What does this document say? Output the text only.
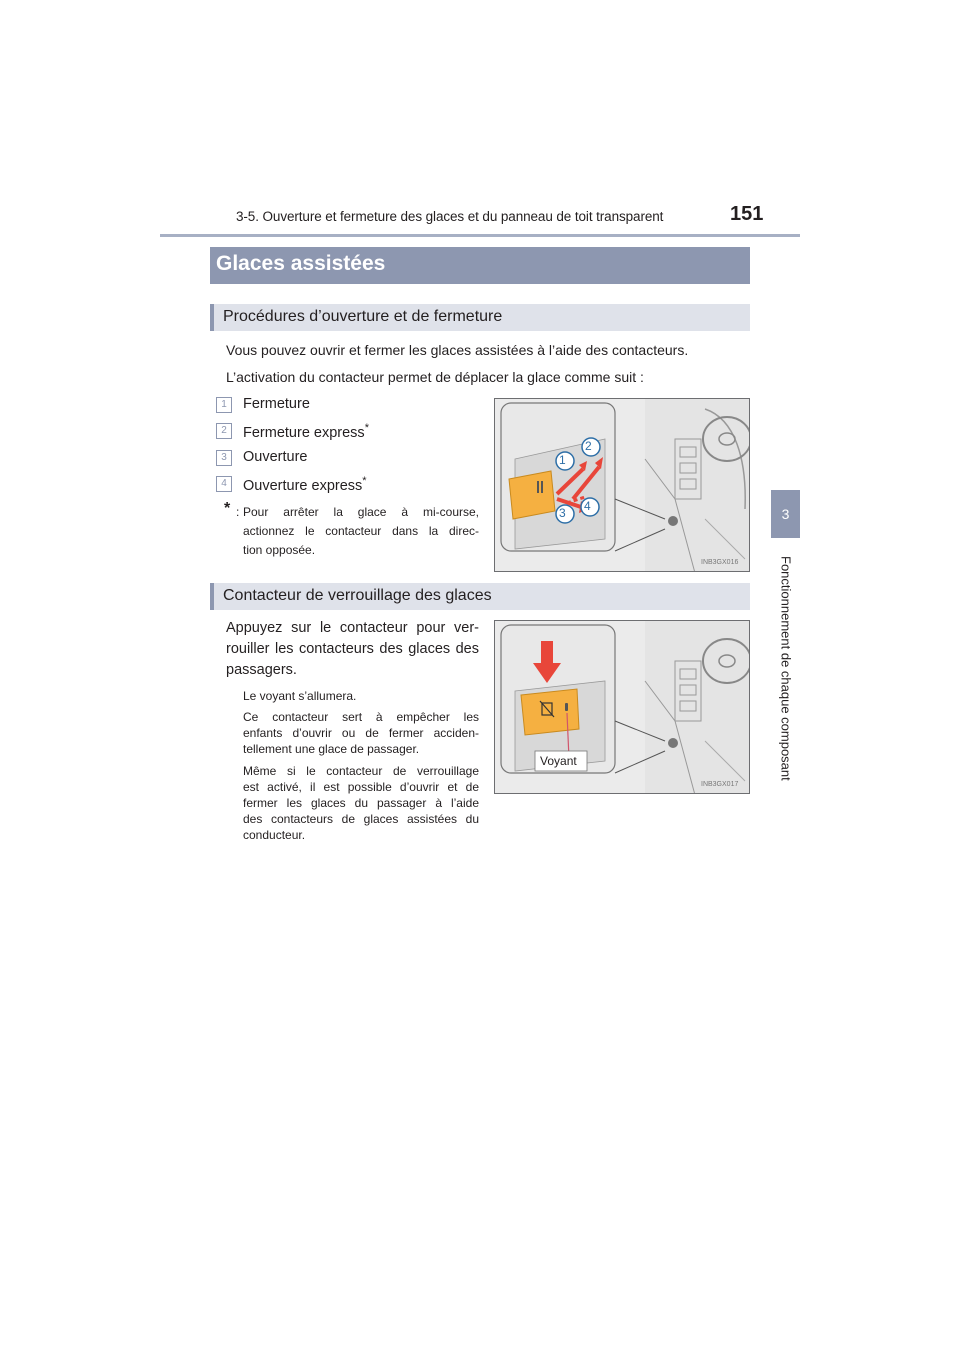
3-5. Ouverture et fermeture des glaces et du panneau de toit transparent	151
3
Fonctionnement de chaque composant
Glaces assistées
Procédures d’ouverture et de fermeture
Vous pouvez ouvrir et fermer les glaces assistées à l’aide des contacteurs.
L’activation du contacteur permet de déplacer la glace comme suit :
1	Fermeture
2	Fermeture express*
3	Ouverture
4	Ouverture express*
* : Pour arrêter la glace à mi-course,
actionnez le contacteur dans la direc-
tion opposée.
1
2
3 4
INB3GX016
Contacteur de verrouillage des glaces
Appuyez sur le contacteur pour ver-
rouiller les contacteurs des glaces des
passagers.
Le voyant s’allumera.
Ce contacteur sert à empêcher les
enfants d’ouvrir ou de fermer acciden-
tellement une glace de passager.
Même si le contacteur de verrouillage
est activé, il est possible d’ouvrir et de
fermer les glaces du passager à l’aide
des contacteurs de glaces assistées du
conducteur.
Voyant
INB3GX017
